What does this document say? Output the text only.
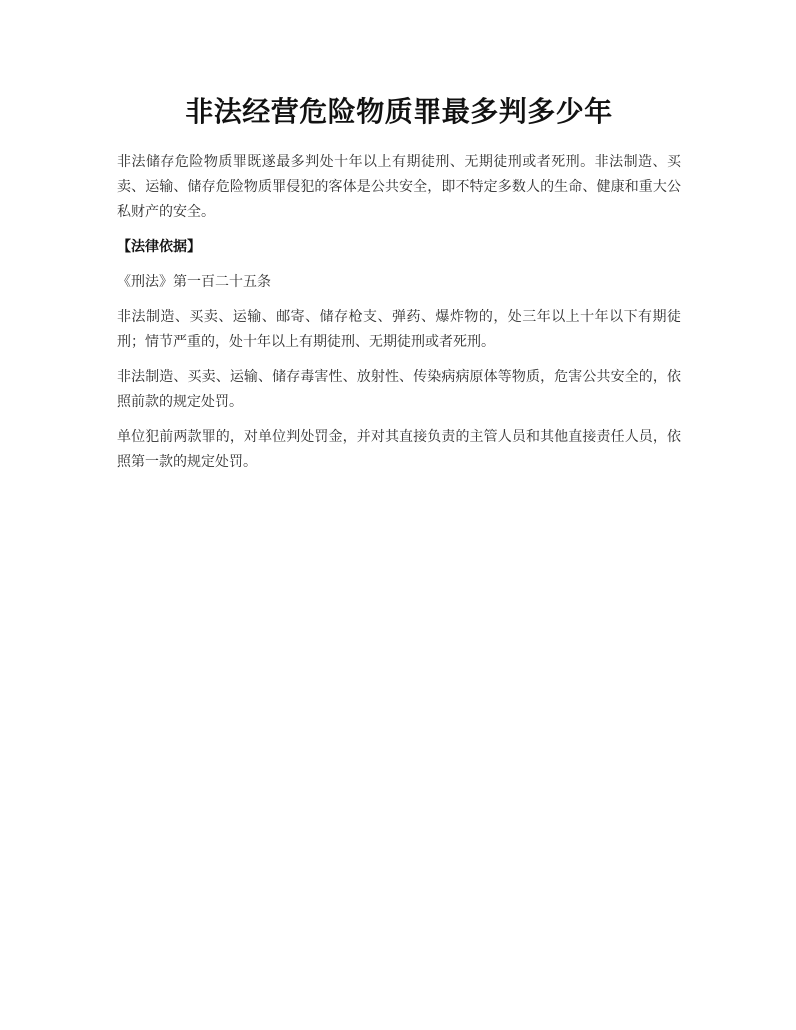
非法经营危险物质罪最多判多少年

非法储存危险物质罪既遂最多判处十年以上有期徒刑、无期徒刑或者死刑。非法制造、买卖、运输、储存危险物质罪侵犯的客体是公共安全，即不特定多数人的生命、健康和重大公私财产的安全。

【法律依据】

《刑法》第一百二十五条

非法制造、买卖、运输、邮寄、储存枪支、弹药、爆炸物的，处三年以上十年以下有期徒刑；情节严重的，处十年以上有期徒刑、无期徒刑或者死刑。

非法制造、买卖、运输、储存毒害性、放射性、传染病病原体等物质，危害公共安全的，依照前款的规定处罚。

单位犯前两款罪的，对单位判处罚金，并对其直接负责的主管人员和其他直接责任人员，依照第一款的规定处罚。
